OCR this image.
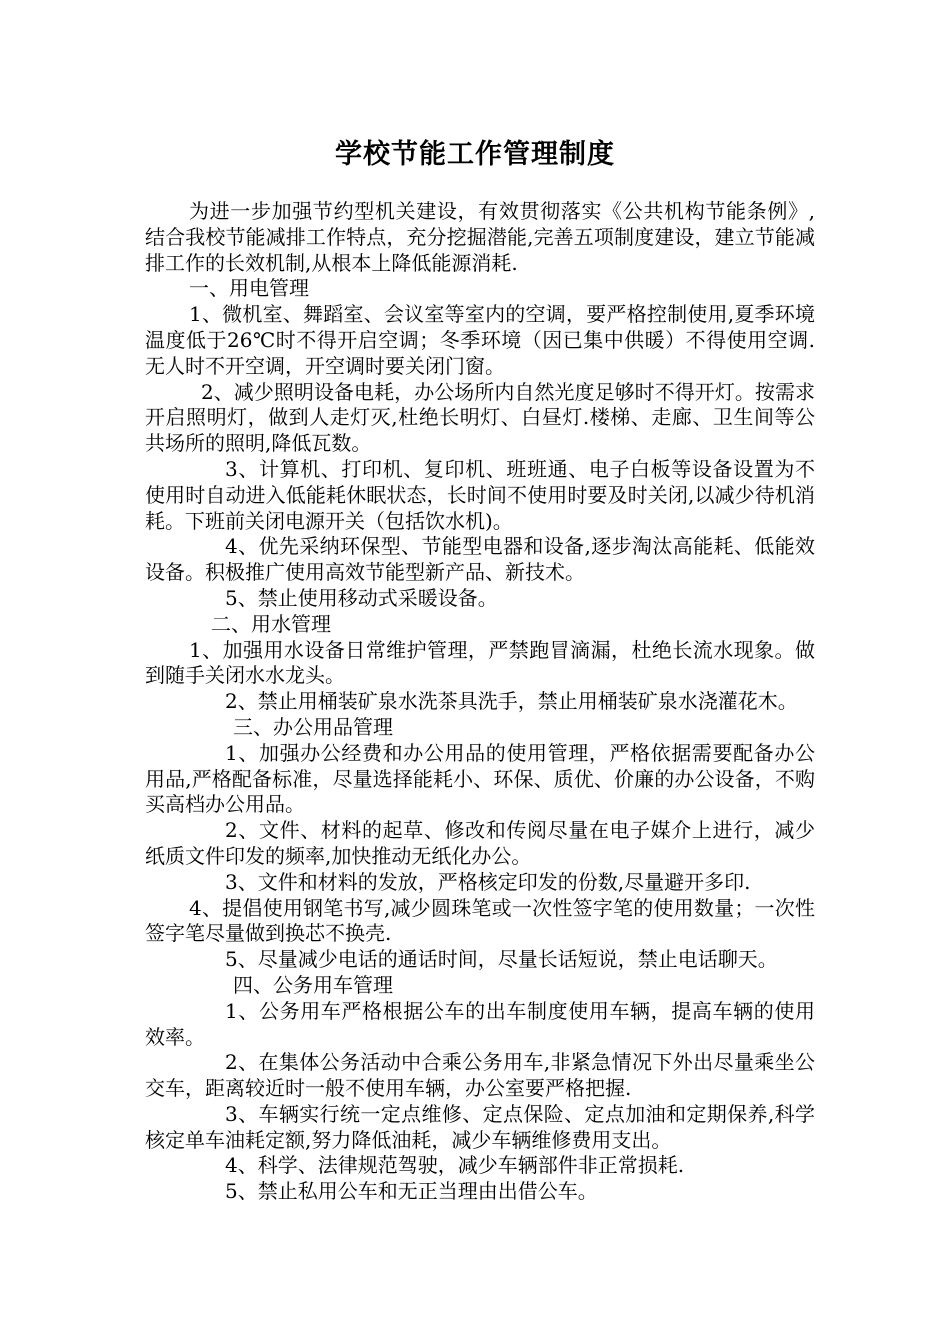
学校节能工作管理制度

为进一步加强节约型机关建设，有效贯彻落实《公共机构节能条例》,结合我校节能减排工作特点，充分挖掘潜能,完善五项制度建设，建立节能减排工作的长效机制,从根本上降低能源消耗.

一、用电管理

1、微机室、舞蹈室、会议室等室内的空调，要严格控制使用,夏季环境温度低于26℃时不得开启空调；冬季环境（因已集中供暖）不得使用空调.无人时不开空调，开空调时要关闭门窗。

2、减少照明设备电耗，办公场所内自然光度足够时不得开灯。按需求开启照明灯，做到人走灯灭,杜绝长明灯、白昼灯.楼梯、走廊、卫生间等公共场所的照明,降低瓦数。

3、计算机、打印机、复印机、班班通、电子白板等设备设置为不使用时自动进入低能耗休眠状态，长时间不使用时要及时关闭,以减少待机消耗。下班前关闭电源开关（包括饮水机)。

4、优先采纳环保型、节能型电器和设备,逐步淘汰高能耗、低能效设备。积极推广使用高效节能型新产品、新技术。

5、禁止使用移动式采暖设备。

二、用水管理

1、加强用水设备日常维护管理，严禁跑冒滴漏，杜绝长流水现象。做到随手关闭水水龙头。

2、禁止用桶装矿泉水洗茶具洗手，禁止用桶装矿泉水浇灌花木。

三、办公用品管理

1、加强办公经费和办公用品的使用管理，严格依据需要配备办公用品,严格配备标准，尽量选择能耗小、环保、质优、价廉的办公设备，不购买高档办公用品。

2、文件、材料的起草、修改和传阅尽量在电子媒介上进行，减少纸质文件印发的频率,加快推动无纸化办公。

3、文件和材料的发放，严格核定印发的份数,尽量避开多印.

4、提倡使用钢笔书写,减少圆珠笔或一次性签字笔的使用数量；一次性签字笔尽量做到换芯不换壳.

5、尽量减少电话的通话时间，尽量长话短说，禁止电话聊天。

四、公务用车管理

1、公务用车严格根据公车的出车制度使用车辆，提高车辆的使用效率。

2、在集体公务活动中合乘公务用车,非紧急情况下外出尽量乘坐公交车，距离较近时一般不使用车辆，办公室要严格把握.

3、车辆实行统一定点维修、定点保险、定点加油和定期保养,科学核定单车油耗定额,努力降低油耗，减少车辆维修费用支出。

4、科学、法律规范驾驶，减少车辆部件非正常损耗.

5、禁止私用公车和无正当理由出借公车。
